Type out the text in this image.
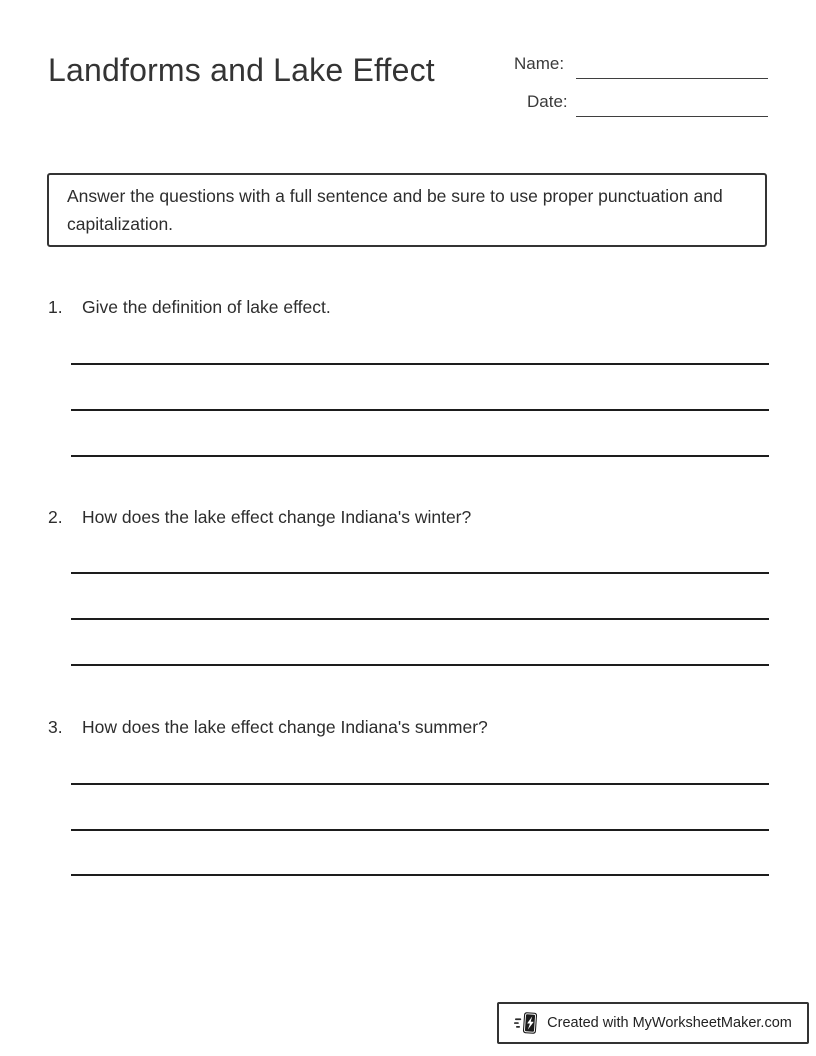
Landforms and Lake Effect	Name:
Date:
Answer the questions with a full sentence and be sure to use proper punctuation and capitalization.
1.	Give the definition of lake effect.
2.	How does the lake effect change Indiana's winter?
3.	How does the lake effect change Indiana's summer?
Created with MyWorksheetMaker.com
